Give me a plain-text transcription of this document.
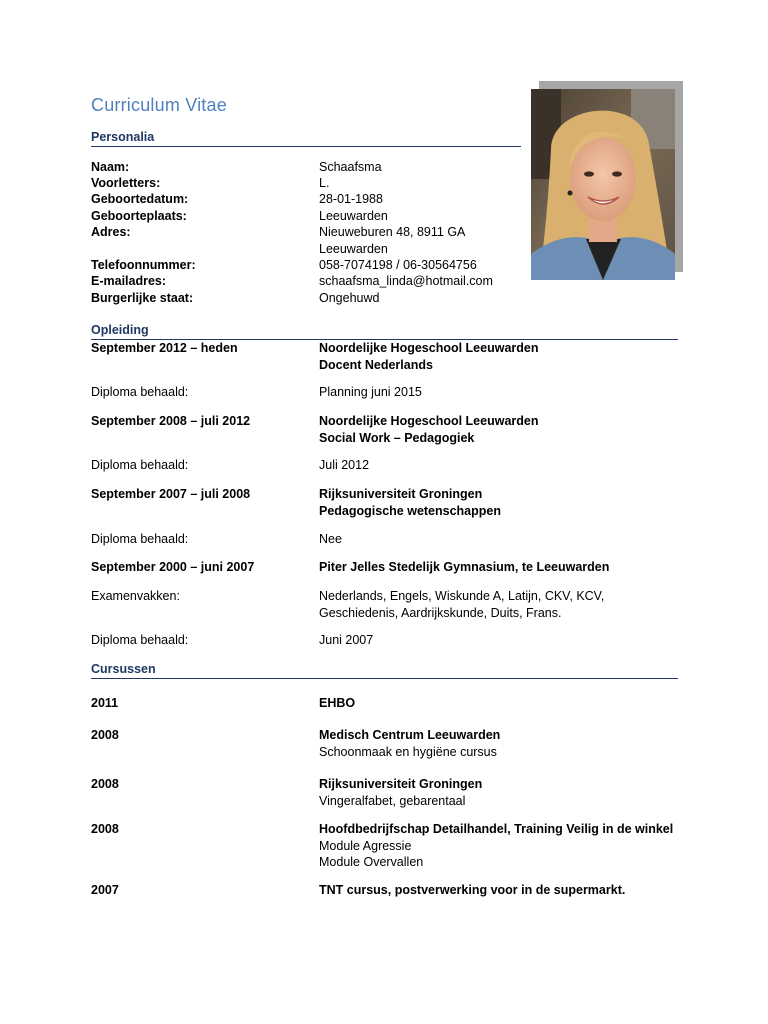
Curriculum Vitae
Personalia
Naam:	Schaafsma
Voorletters:	L.
Geboortedatum:	28-01-1988
Geboorteplaats:	Leeuwarden
Adres:	Nieuweburen 48, 8911 GA
Leeuwarden
Telefoonnummer:	058-7074198 / 06-30564756
E-mailadres:	schaafsma_linda@hotmail.com
Burgerlijke staat:	Ongehuwd
Opleiding
September 2012 – heden	Noordelijke Hogeschool Leeuwarden
Docent Nederlands
Diploma behaald:	Planning juni 2015
September 2008 – juli 2012	Noordelijke Hogeschool Leeuwarden
Social Work – Pedagogiek
Diploma behaald:	Juli 2012
September 2007 – juli 2008	Rijksuniversiteit Groningen
Pedagogische wetenschappen
Diploma behaald:	Nee
September 2000 – juni 2007	Piter Jelles Stedelijk Gymnasium, te Leeuwarden
Examenvakken:	Nederlands, Engels, Wiskunde A, Latijn, CKV, KCV,
Geschiedenis, Aardrijkskunde, Duits, Frans.
Diploma behaald:	Juni 2007
Cursussen
2011	EHBO
2008	Medisch Centrum Leeuwarden
Schoonmaak en hygiëne cursus
2008	Rijksuniversiteit Groningen
Vingeralfabet, gebarentaal
2008	Hoofdbedrijfschap Detailhandel, Training Veilig in de winkel
Module Agressie
Module Overvallen
2007	TNT cursus, postverwerking voor in de supermarkt.
